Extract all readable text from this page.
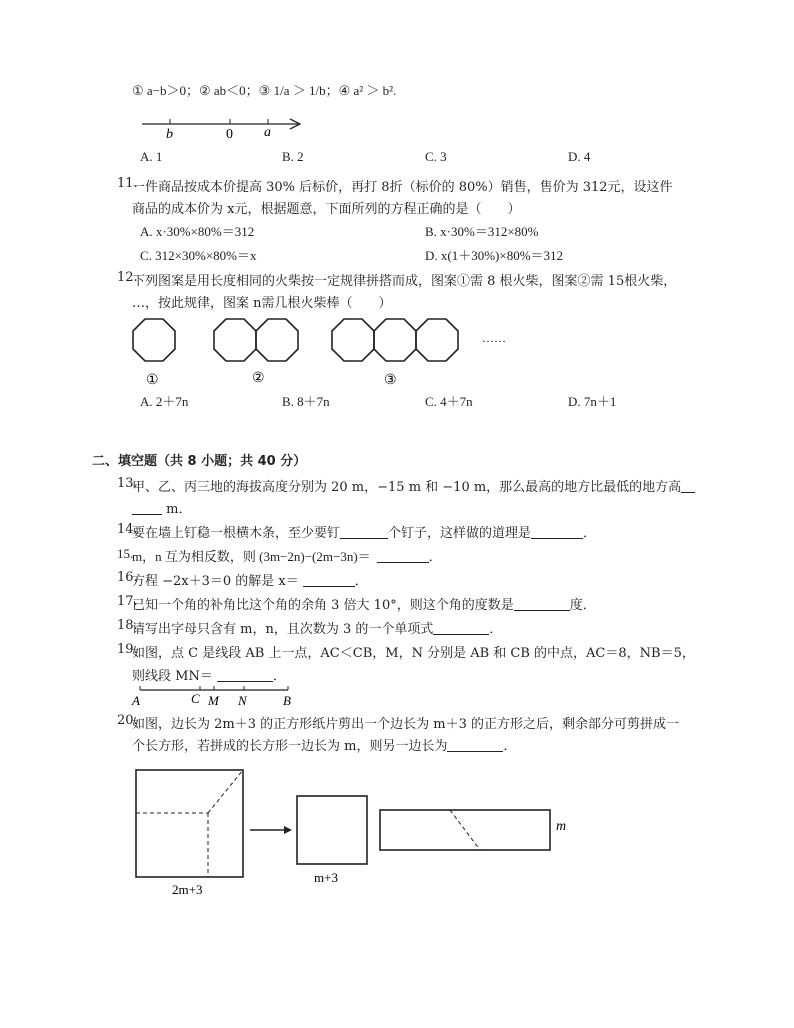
① a−b＞0；② ab＜0；③ 1/a ＞ 1/b；④ a² ＞ b².
b	0 a
A. 1	B. 2	C. 3	D. 4
11.
一件商品按成本价提高 30% 后标价，再打 8折（标价的 80%）销售，售价为 312元，设这件
商品的成本价为 x元，根据题意，下面所列的方程正确的是（　　）
A. x·30%×80%＝312	B. x·30%＝312×80%
C. 312×30%×80%＝x	D. x(1＋30%)×80%＝312
12.
下列图案是用长度相同的火柴按一定规律拼搭而成，图案①需 8 根火柴，图案②需 15根火柴，
…，按此规律，图案 n需几根火柴棒（　　）
……
①	②	③
A. 2＋7n	B. 8＋7n	C. 4＋7n	D. 7n＋1
二、填空题（共 8 小题；共 40 分）
13.
甲、乙、丙三地的海拔高度分别为 20 m，−15 m 和 −10 m，那么最高的地方比最低的地方高
m．
14.
要在墙上钉稳一根横木条，至少要钉	个钉子，这样做的道理是	．
15.
m，n 互为相反数，则 (3m−2n)−(2m−3n)＝	．
16.
方程 −2x＋3＝0 的解是 x＝	．
17.
已知一个角的补角比这个角的余角 3 倍大 10°，则这个角的度数是	度．
18.
请写出字母只含有 m，n，且次数为 3 的一个单项式	．
19.
如图，点 C 是线段 AB 上一点，AC＜CB，M，N 分别是 AB 和 CB 的中点，AC＝8，NB＝5，
则线段 MN＝	．
A	C M N	B
20.
如图，边长为 2m＋3 的正方形纸片剪出一个边长为 m＋3 的正方形之后，剩余部分可剪拼成一
个长方形，若拼成的长方形一边长为 m，则另一边长为	．
2m+3
m+3
m
